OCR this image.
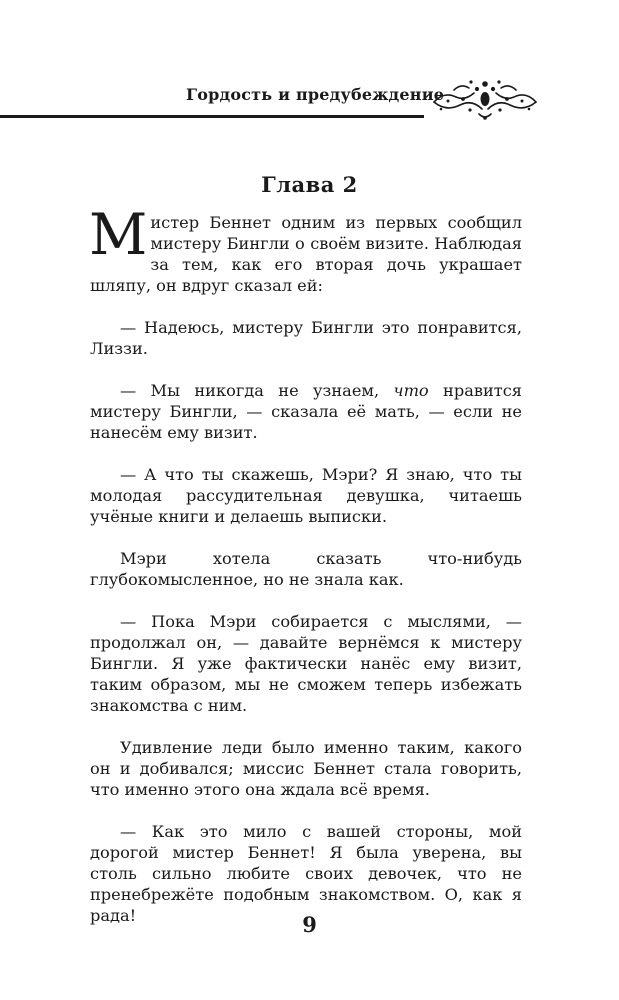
Гордость и предубеждение
Глава 2

Мистер Беннет одним из первых сообщил мистеру Бингли о своём визите. Наблюдая за тем, как его вторая дочь украшает шляпу, он вдруг сказал ей:

— Надеюсь, мистеру Бингли это понравится, Лиззи.

— Мы никогда не узнаем, что нравится мистеру Бингли, — сказала её мать, — если не нанесём ему визит.

— А что ты скажешь, Мэри? Я знаю, что ты молодая рассудительная девушка, читаешь учёные книги и делаешь выписки.

Мэри хотела сказать что-нибудь глубокомысленное, но не знала как.

— Пока Мэри собирается с мыслями, — продолжал он, — давайте вернёмся к мистеру Бингли. Я уже фактически нанёс ему визит, таким образом, мы не сможем теперь избежать знакомства с ним.

Удивление леди было именно таким, какого он и добивался; миссис Беннет стала говорить, что именно этого она ждала всё время.

— Как это мило с вашей стороны, мой дорогой мистер Беннет! Я была уверена, вы столь сильно любите своих девочек, что не пренебрежёте подобным знакомством. О, как я рада!	9
